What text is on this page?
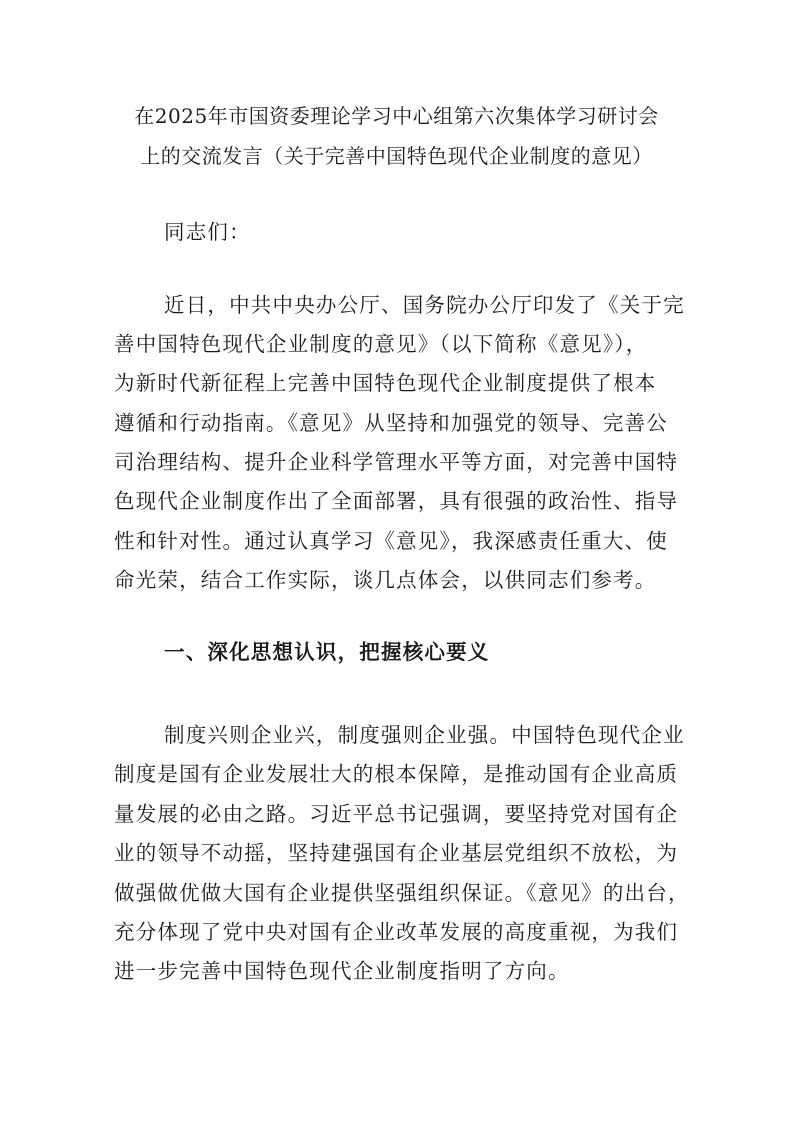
在2025年市国资委理论学习中心组第六次集体学习研讨会
上的交流发言（关于完善中国特色现代企业制度的意见）
同志们：
近日，中共中央办公厅、国务院办公厅印发了《关于完
善中国特色现代企业制度的意见》（以下简称《意见》），
为新时代新征程上完善中国特色现代企业制度提供了根本
遵循和行动指南。《意见》从坚持和加强党的领导、完善公
司治理结构、提升企业科学管理水平等方面，对完善中国特
色现代企业制度作出了全面部署，具有很强的政治性、指导
性和针对性。通过认真学习《意见》，我深感责任重大、使
命光荣，结合工作实际，谈几点体会，以供同志们参考。
一、深化思想认识，把握核心要义
制度兴则企业兴，制度强则企业强。中国特色现代企业
制度是国有企业发展壮大的根本保障，是推动国有企业高质
量发展的必由之路。习近平总书记强调，要坚持党对国有企
业的领导不动摇，坚持建强国有企业基层党组织不放松，为
做强做优做大国有企业提供坚强组织保证。《意见》的出台，
充分体现了党中央对国有企业改革发展的高度重视，为我们
进一步完善中国特色现代企业制度指明了方向。
